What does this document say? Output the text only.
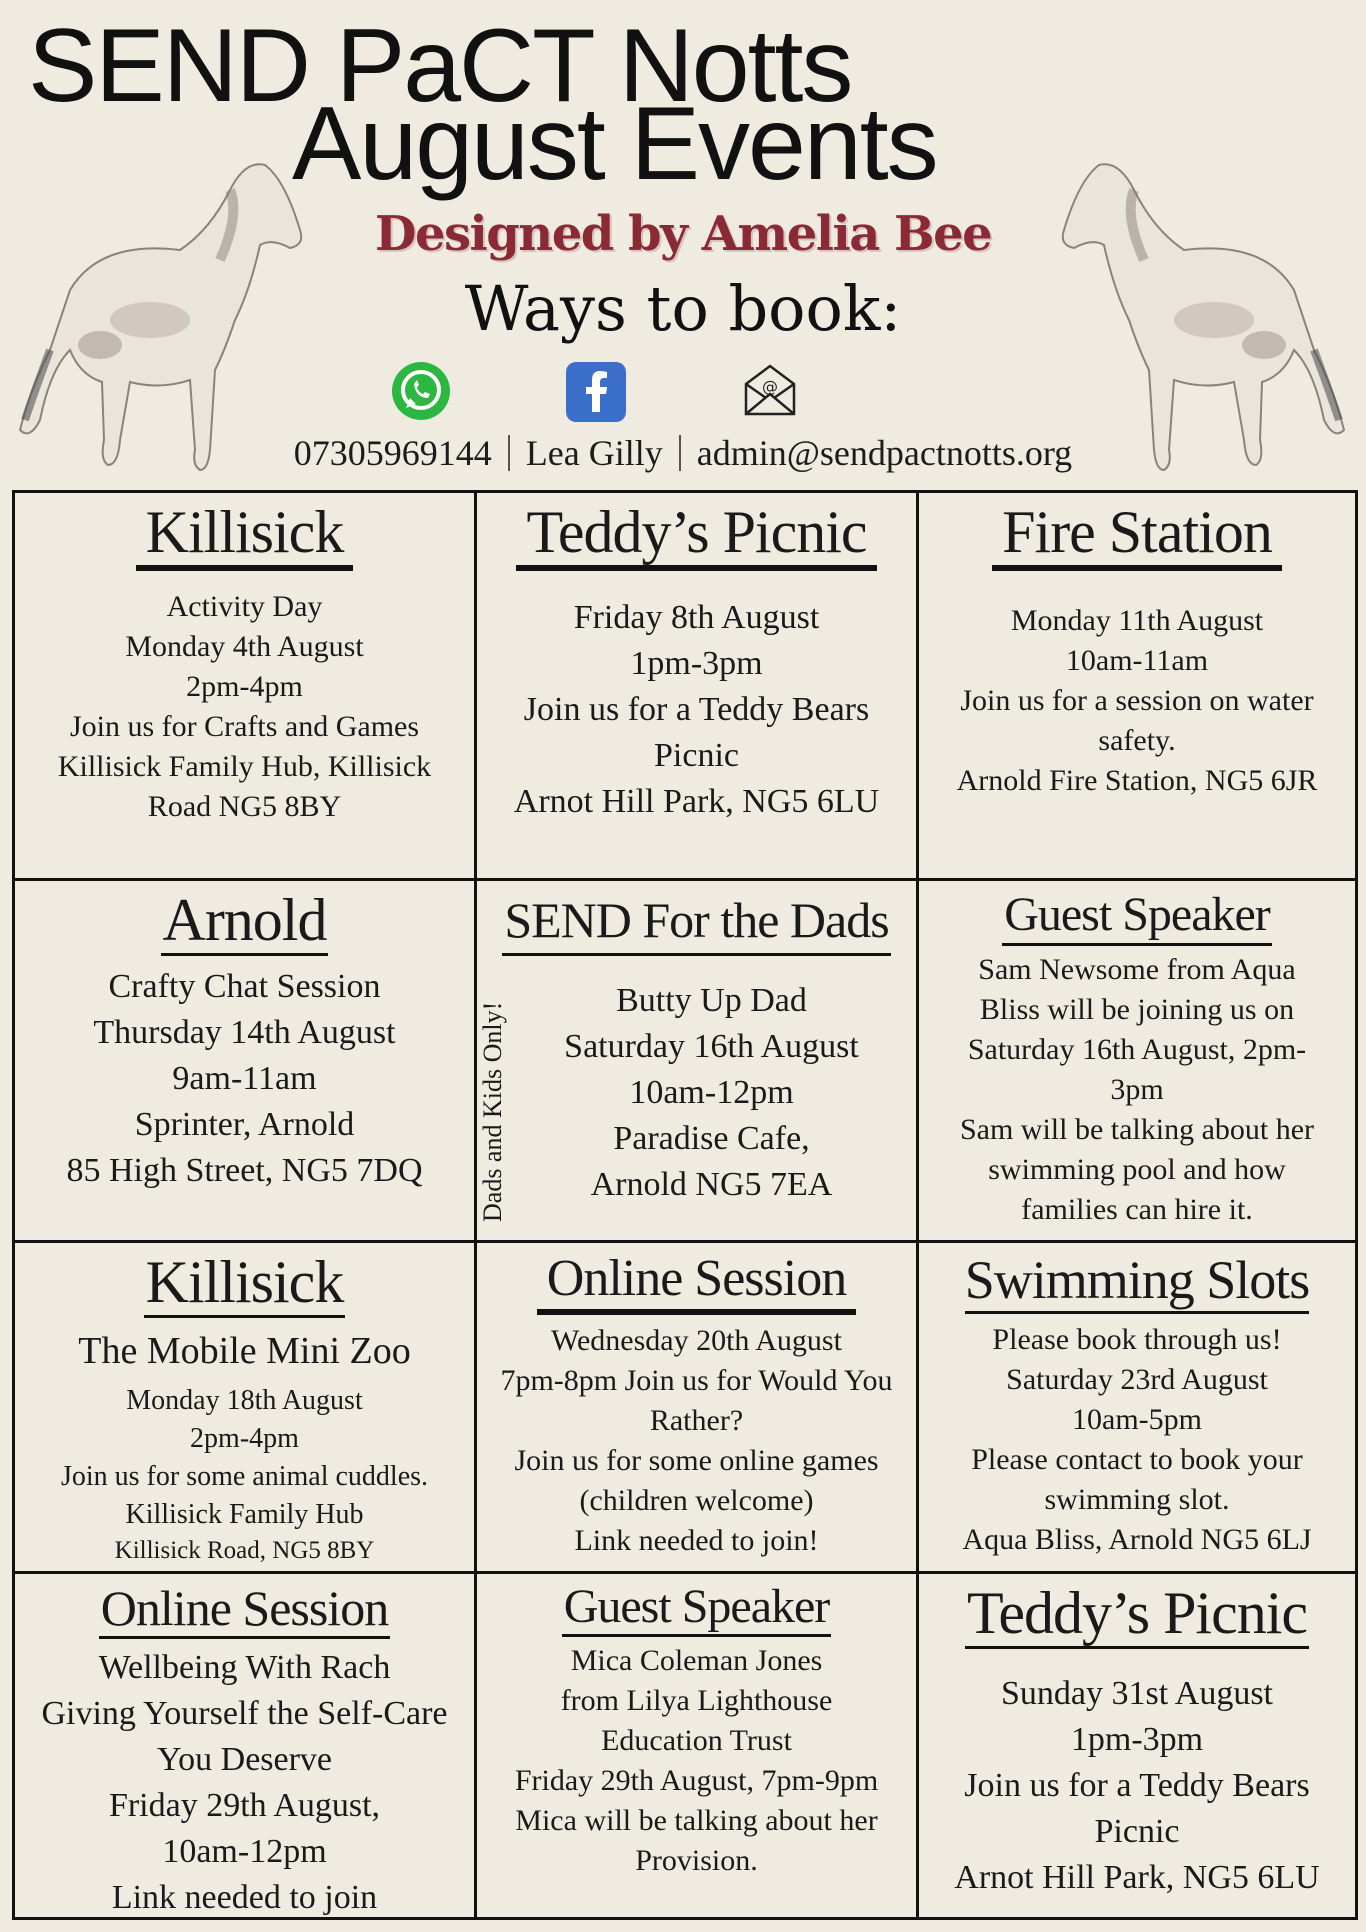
SEND PaCT Notts
August Events
Designed by Amelia Bee
Ways to book:
@
07305969144 Lea Gilly admin@sendpactnotts.org
Killisick
Activity Day
Monday 4th August
2pm-4pm
Join us for Crafts and Games
Killisick Family Hub, Killisick
Road NG5 8BY
Teddy’s Picnic
Friday 8th August
1pm-3pm
Join us for a Teddy Bears
Picnic
Arnot Hill Park, NG5 6LU
Fire Station
Monday 11th August
10am-11am
Join us for a session on water
safety.
Arnold Fire Station, NG5 6JR
Arnold
Crafty Chat Session
Thursday 14th August
9am-11am
Sprinter, Arnold
85 High Street, NG5 7DQ
SEND For the Dads
Butty Up Dad
Saturday 16th August
10am-12pm
Paradise Cafe,
Arnold NG5 7EA
Guest Speaker
Sam Newsome from Aqua
Bliss will be joining us on
Saturday 16th August, 2pm-
3pm
Sam will be talking about her
swimming pool and how
families can hire it.
Killisick
The Mobile Mini Zoo
Monday 18th August
2pm-4pm
Join us for some animal cuddles.
Killisick Family Hub
Killisick Road, NG5 8BY
Online Session
Wednesday 20th August
7pm-8pm Join us for Would You
Rather?
Join us for some online games
(children welcome)
Link needed to join!
Swimming Slots
Please book through us!
Saturday 23rd August
10am-5pm
Please contact to book your
swimming slot.
Aqua Bliss, Arnold NG5 6LJ
Online Session
Wellbeing With Rach
Giving Yourself the Self-Care
You Deserve
Friday 29th August,
10am-12pm
Link needed to join
Guest Speaker
Mica Coleman Jones
from Lilya Lighthouse
Education Trust
Friday 29th August, 7pm-9pm
Mica will be talking about her
Provision.
Teddy’s Picnic
Sunday 31st August
1pm-3pm
Join us for a Teddy Bears
Picnic
Arnot Hill Park, NG5 6LU
Dads and Kids Only!
